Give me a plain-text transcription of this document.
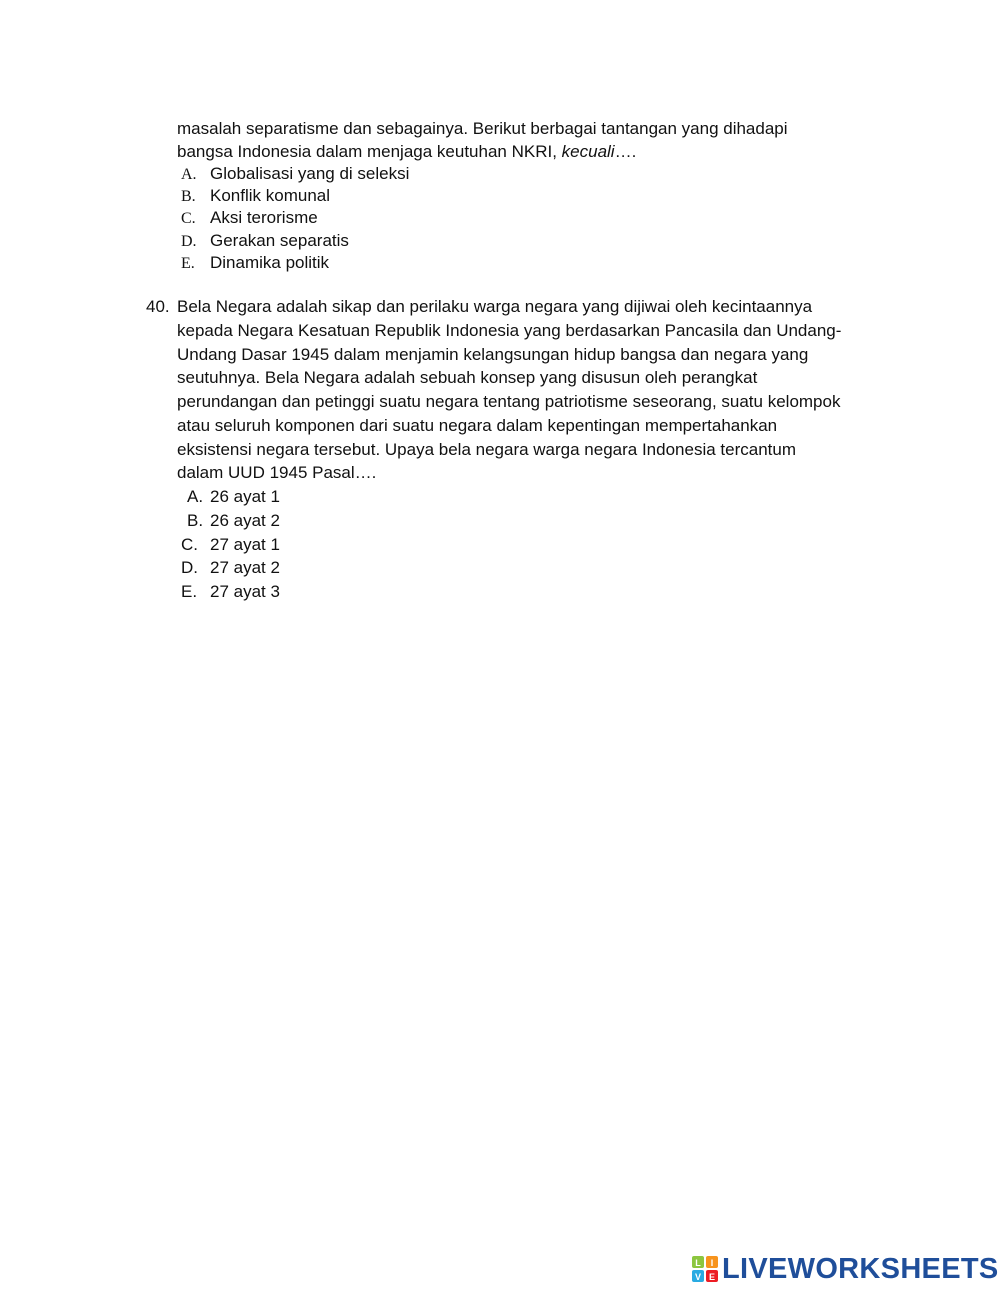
masalah separatisme dan sebagainya. Berikut berbagai tantangan yang dihadapi
bangsa Indonesia dalam menjaga keutuhan NKRI, kecuali….
A. Globalisasi yang di seleksi
B. Konflik komunal
C. Aksi terorisme
D. Gerakan separatis
E. Dinamika politik
40. Bela Negara adalah sikap dan perilaku warga negara yang dijiwai oleh kecintaannya
kepada Negara Kesatuan Republik Indonesia yang berdasarkan Pancasila dan Undang-
Undang Dasar 1945 dalam menjamin kelangsungan hidup bangsa dan negara yang
seutuhnya. Bela Negara adalah sebuah konsep yang disusun oleh perangkat
perundangan dan petinggi suatu negara tentang patriotisme seseorang, suatu kelompok
atau seluruh komponen dari suatu negara dalam kepentingan mempertahankan
eksistensi negara tersebut. Upaya bela negara warga negara Indonesia tercantum
dalam UUD 1945 Pasal….
A. 26 ayat 1
B. 26 ayat 2
C. 27 ayat 1
D. 27 ayat 2
E. 27 ayat 3
L I
V E LIVEWORKSHEETS
